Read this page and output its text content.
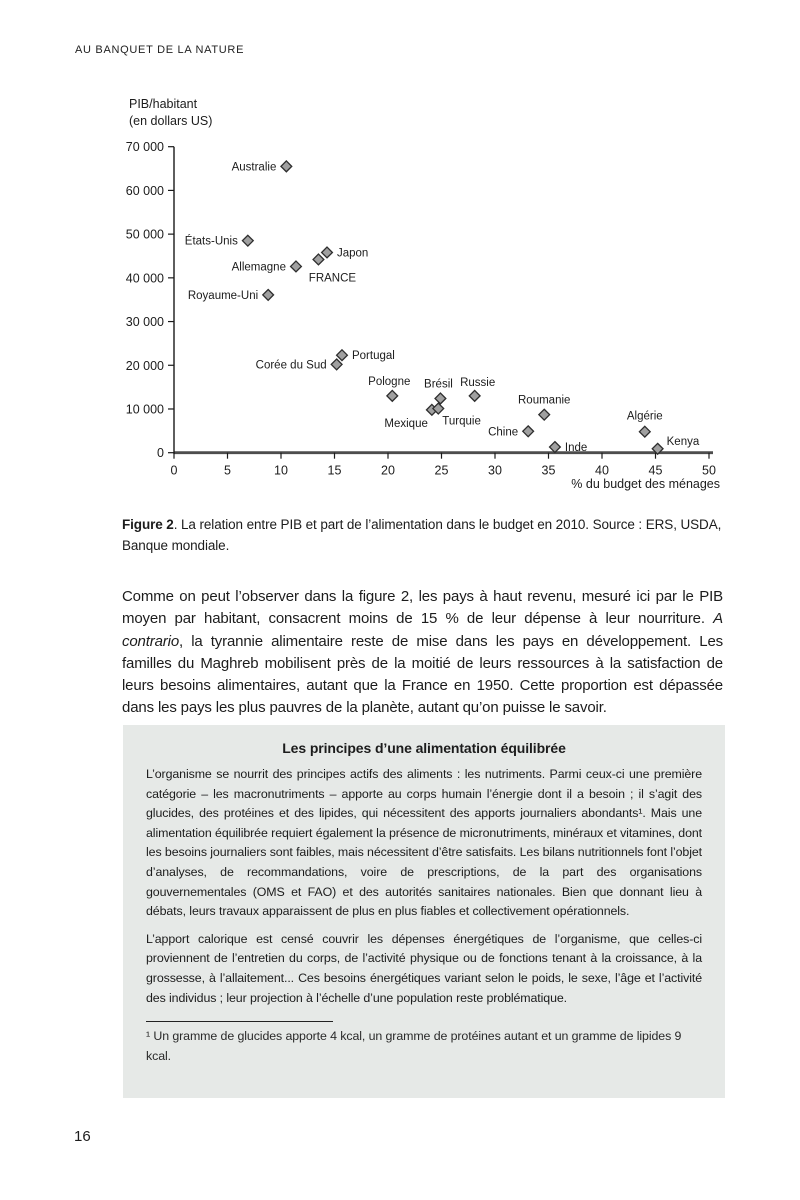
AU BANQUET DE LA NATURE
0	5	10	15	20	25	30	35	40	45	50
0
10 000
20 000
30 000
40 000
50 000
60 000
70 000
Australie
États-Unis
Japon
FRANCE
Allemagne
Royaume-Uni
Portugal
Corée du Sud
Pologne Brésil Russie
Mexique Turquie
Roumanie
Chine
Algérie
Inde
Kenya
PIB/habitant
(en dollars US)
% du budget des ménages

Figure 2. La relation entre PIB et part de l’alimentation dans le budget en 2010. Source : ERS, USDA, Banque mondiale.

Comme on peut l’observer dans la figure 2, les pays à haut revenu, mesuré ici par le PIB moyen par habitant, consacrent moins de 15 % de leur dépense à leur nourriture. A contrario, la tyrannie alimentaire reste de mise dans les pays en développement. Les familles du Maghreb mobilisent près de la moitié de leurs ressources à la satisfaction de leurs besoins alimentaires, autant que la France en 1950. Cette proportion est dépassée dans les pays les plus pauvres de la planète, autant qu’on puisse le savoir.

Les principes d’une alimentation équilibrée

L’organisme se nourrit des principes actifs des aliments : les nutriments. Parmi ceux-ci une première catégorie – les macronutriments – apporte au corps humain l’énergie dont il a besoin ; il s’agit des glucides, des protéines et des lipides, qui nécessitent des apports journaliers abondants¹. Mais une alimentation équilibrée requiert également la présence de micronutriments, minéraux et vitamines, dont les besoins journaliers sont faibles, mais nécessitent d’être satisfaits. Les bilans nutritionnels font l’objet d’analyses, de recommandations, voire de prescriptions, de la part des organisations gouvernementales (OMS et FAO) et des autorités sanitaires nationales. Bien que donnant lieu à débats, leurs travaux apparaissent de plus en plus fiables et collectivement opérationnels.

L’apport calorique est censé couvrir les dépenses énergétiques de l’organisme, que celles-ci proviennent de l’entretien du corps, de l’activité physique ou de fonctions tenant à la croissance, à la grossesse, à l’allaitement... Ces besoins énergétiques variant selon le poids, le sexe, l’âge et l’activité des individus ; leur projection à l’échelle d’une population reste problématique.

¹ Un gramme de glucides apporte 4 kcal, un gramme de protéines autant et un gramme de lipides 9 kcal.

16
